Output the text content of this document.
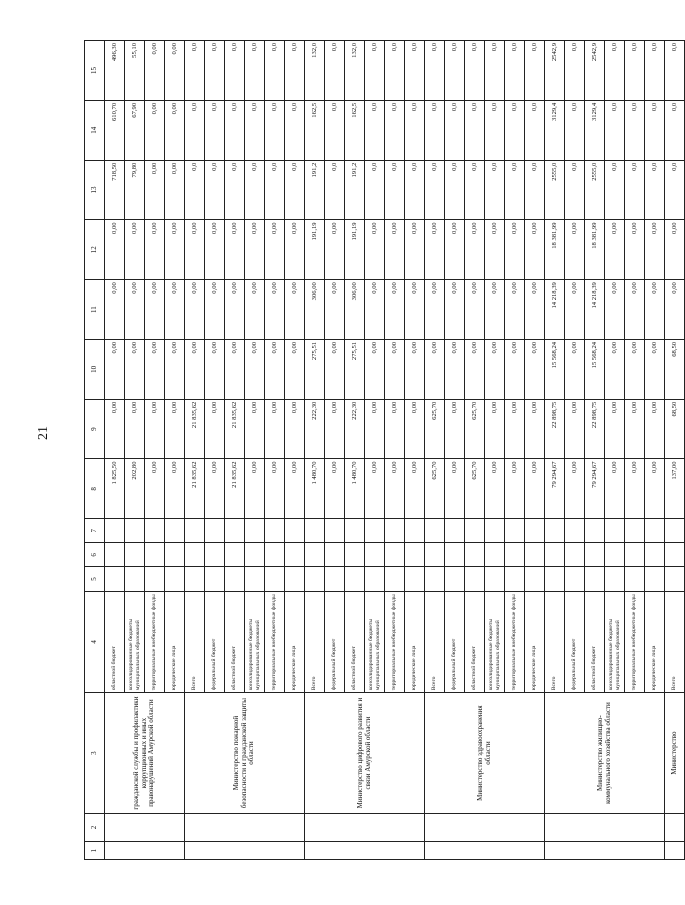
21
1	2	3	4	5	6	7	8	9	10	11	12	13	14	15
		гражданской службы и профилактики коррупционных и иных правонарушений Амурской области	областной бюджет				1 825,50	0,00	0,00	0,00	0,00	718,50	610,70	496,30
			консолидированные бюджеты муниципальных образований				202,80	0,00	0,00	0,00	0,00	79,80	67,90	55,10
			территориальные внебюджетные фонды				0,00	0,00	0,00	0,00	0,00	0,00	0,00	0,00
			юридические лица				0,00	0,00	0,00	0,00	0,00	0,00	0,00	0,00
		Министерство пожарной безопасности и гражданской защиты области	Всего				21 835,62	21 835,62	0,00	0,00	0,00	0,0	0,0	0,0
			федеральный бюджет				0,00	0,00	0,00	0,00	0,00	0,0	0,0	0,0
			областной бюджет				21 835,62	21 835,62	0,00	0,00	0,00	0,0	0,0	0,0
			консолидированные бюджеты муниципальных образований				0,00	0,00	0,00	0,00	0,00	0,0	0,0	0,0
			территориальные внебюджетные фонды				0,00	0,00	0,00	0,00	0,00	0,0	0,0	0,0
			юридические лица				0,00	0,00	0,00	0,00	0,00	0,0	0,0	0,0
		Министерство цифрового развития и связи Амурской области	Всего				1 480,70	222,30	275,51	306,00	191,19	191,2	162,5	132,0
			федеральный бюджет				0,00	0,00	0,00	0,00	0,00	0,0	0,0	0,0
			областной бюджет				1 480,70	222,30	275,51	306,00	191,19	191,2	162,5	132,0
			консолидированные бюджеты муниципальных образований				0,00	0,00	0,00	0,00	0,00	0,0	0,0	0,0
			территориальные внебюджетные фонды				0,00	0,00	0,00	0,00	0,00	0,0	0,0	0,0
			юридические лица				0,00	0,00	0,00	0,00	0,00	0,0	0,0	0,0
		Министерство здравоохранения области	Всего				625,70	625,70	0,00	0,00	0,00	0,0	0,0	0,0
			федеральный бюджет				0,00	0,00	0,00	0,00	0,00	0,0	0,0	0,0
			областной бюджет				625,70	625,70	0,00	0,00	0,00	0,0	0,0	0,0
			консолидированные бюджеты муниципальных образований				0,00	0,00	0,00	0,00	0,00	0,0	0,0	0,0
			территориальные внебюджетные фонды				0,00	0,00	0,00	0,00	0,00	0,0	0,0	0,0
			юридические лица				0,00	0,00	0,00	0,00	0,00	0,0	0,0	0,0
		Министерство жилищно-коммунального хозяйства области	Всего				79 294,67	22 898,75	15 568,24	14 218,39	18 381,99	2555,0	3129,4	2542,9
			федеральный бюджет				0,00	0,00	0,00	0,00	0,00	0,0	0,0	0,0
			областной бюджет				79 294,67	22 898,75	15 568,24	14 218,39	18 381,99	2555,0	3129,4	2542,9
			консолидированные бюджеты муниципальных образований				0,00	0,00	0,00	0,00	0,00	0,0	0,0	0,0
			территориальные внебюджетные фонды				0,00	0,00	0,00	0,00	0,00	0,0	0,0	0,0
			юридические лица				0,00	0,00	0,00	0,00	0,00	0,0	0,0	0,0
		Министерство	Всего				137,00	68,50	68,50	0,00	0,00	0,0	0,0	0,0
